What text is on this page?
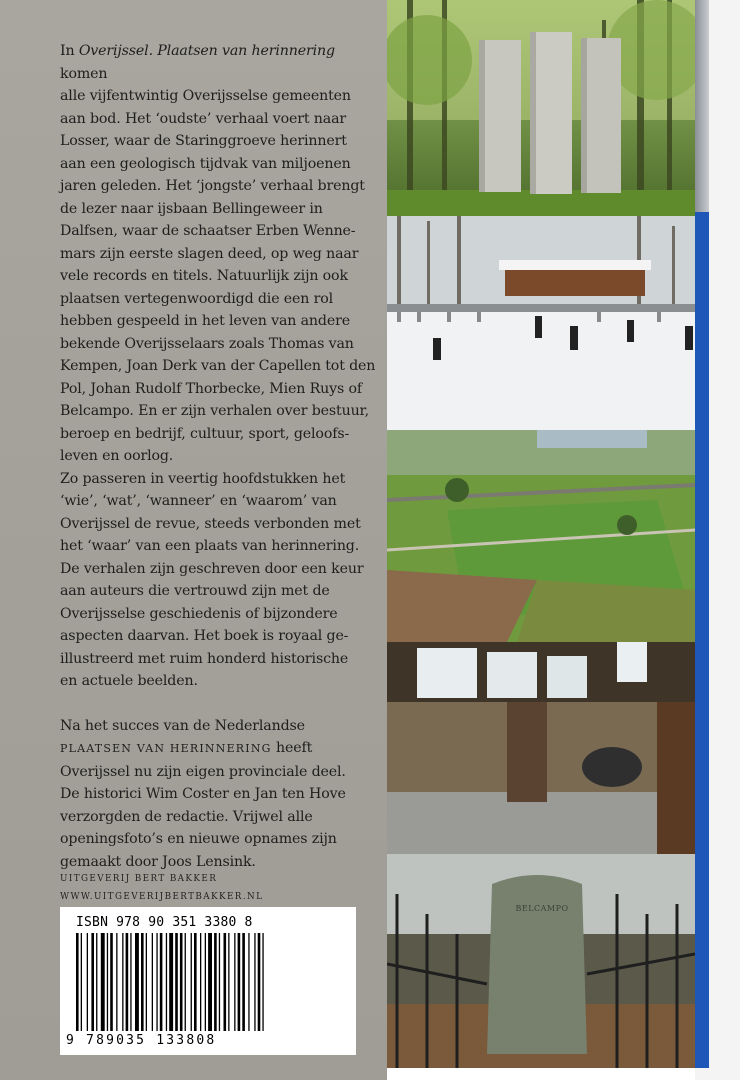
In Overijssel. Plaatsen van herinnering komen
alle vijfentwintig Overijsselse gemeenten
aan bod. Het ‘oudste’ verhaal voert naar
Losser, waar de Staringgroeve herinnert
aan een geologisch tijdvak van miljoenen
jaren geleden. Het ‘jongste’ verhaal brengt
de lezer naar ijsbaan Bellingeweer in
Dalfsen, waar de schaatser Erben Wenne-
mars zijn eerste slagen deed, op weg naar
vele records en titels. Natuurlijk zijn ook
plaatsen vertegenwoordigd die een rol
hebben gespeeld in het leven van andere
bekende Overijsselaars zoals Thomas van
Kempen, Joan Derk van der Capellen tot den
Pol, Johan Rudolf Thorbecke, Mien Ruys of
Belcampo. En er zijn verhalen over bestuur,
beroep en bedrijf, cultuur, sport, geloofs-
leven en oorlog.

Zo passeren in veertig hoofdstukken het
‘wie’, ‘wat’, ‘wanneer’ en ‘waarom’ van
Overijssel de revue, steeds verbonden met
het ‘waar’ van een plaats van herinnering.
De verhalen zijn geschreven door een keur
aan auteurs die vertrouwd zijn met de
Overijsselse geschiedenis of bijzondere
aspecten daarvan. Het boek is royaal ge-
illustreerd met ruim honderd historische
en actuele beelden.

Na het succes van de Nederlandse
PLAATSEN VAN HERINNERING heeft
Overijssel nu zijn eigen provinciale deel.
De historici Wim Coster en Jan ten Hove
verzorgden de redactie. Vrijwel alle
openingsfoto’s en nieuwe opnames zijn
gemaakt door Joos Lensink.

UITGEVERIJ BERT BAKKER
WWW.UITGEVERIJBERTBAKKER.NL
ISBN 978 90 351 3380 8
9 789035 133808
BELCAMPO
